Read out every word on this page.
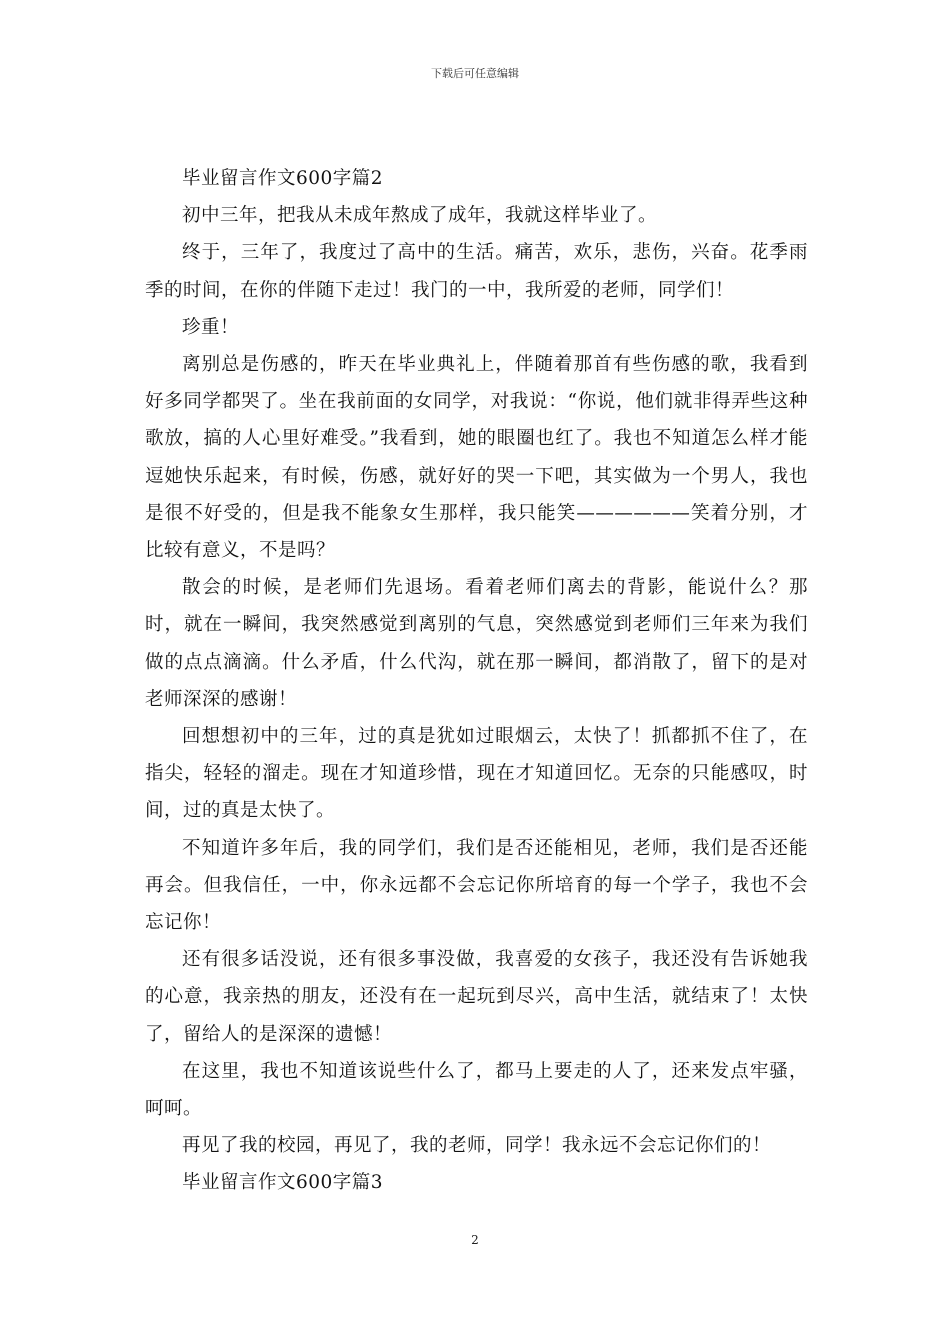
下载后可任意编辑

毕业留言作文600字篇2

初中三年，把我从未成年熬成了成年，我就这样毕业了。

终于，三年了，我度过了高中的生活。痛苦，欢乐，悲伤，兴奋。花季雨季的时间，在你的伴随下走过！我门的一中，我所爱的老师，同学们！

珍重！

离别总是伤感的，昨天在毕业典礼上，伴随着那首有些伤感的歌，我看到好多同学都哭了。坐在我前面的女同学，对我说：“你说，他们就非得弄些这种歌放，搞的人心里好难受。”我看到，她的眼圈也红了。我也不知道怎么样才能逗她快乐起来，有时候，伤感，就好好的哭一下吧，其实做为一个男人，我也是很不好受的，但是我不能象女生那样，我只能笑——————笑着分别，才比较有意义，不是吗？

散会的时候，是老师们先退场。看着老师们离去的背影，能说什么？那时，就在一瞬间，我突然感觉到离别的气息，突然感觉到老师们三年来为我们做的点点滴滴。什么矛盾，什么代沟，就在那一瞬间，都消散了，留下的是对老师深深的感谢！

回想想初中的三年，过的真是犹如过眼烟云，太快了！抓都抓不住了，在指尖，轻轻的溜走。现在才知道珍惜，现在才知道回忆。无奈的只能感叹，时间，过的真是太快了。

不知道许多年后，我的同学们，我们是否还能相见，老师，我们是否还能再会。但我信任，一中，你永远都不会忘记你所培育的每一个学子，我也不会忘记你！

还有很多话没说，还有很多事没做，我喜爱的女孩子，我还没有告诉她我的心意，我亲热的朋友，还没有在一起玩到尽兴，高中生活，就结束了！太快了，留给人的是深深的遗憾！

在这里，我也不知道该说些什么了，都马上要走的人了，还来发点牢骚，呵呵。

再见了我的校园，再见了，我的老师，同学！我永远不会忘记你们的！

毕业留言作文600字篇3

2
